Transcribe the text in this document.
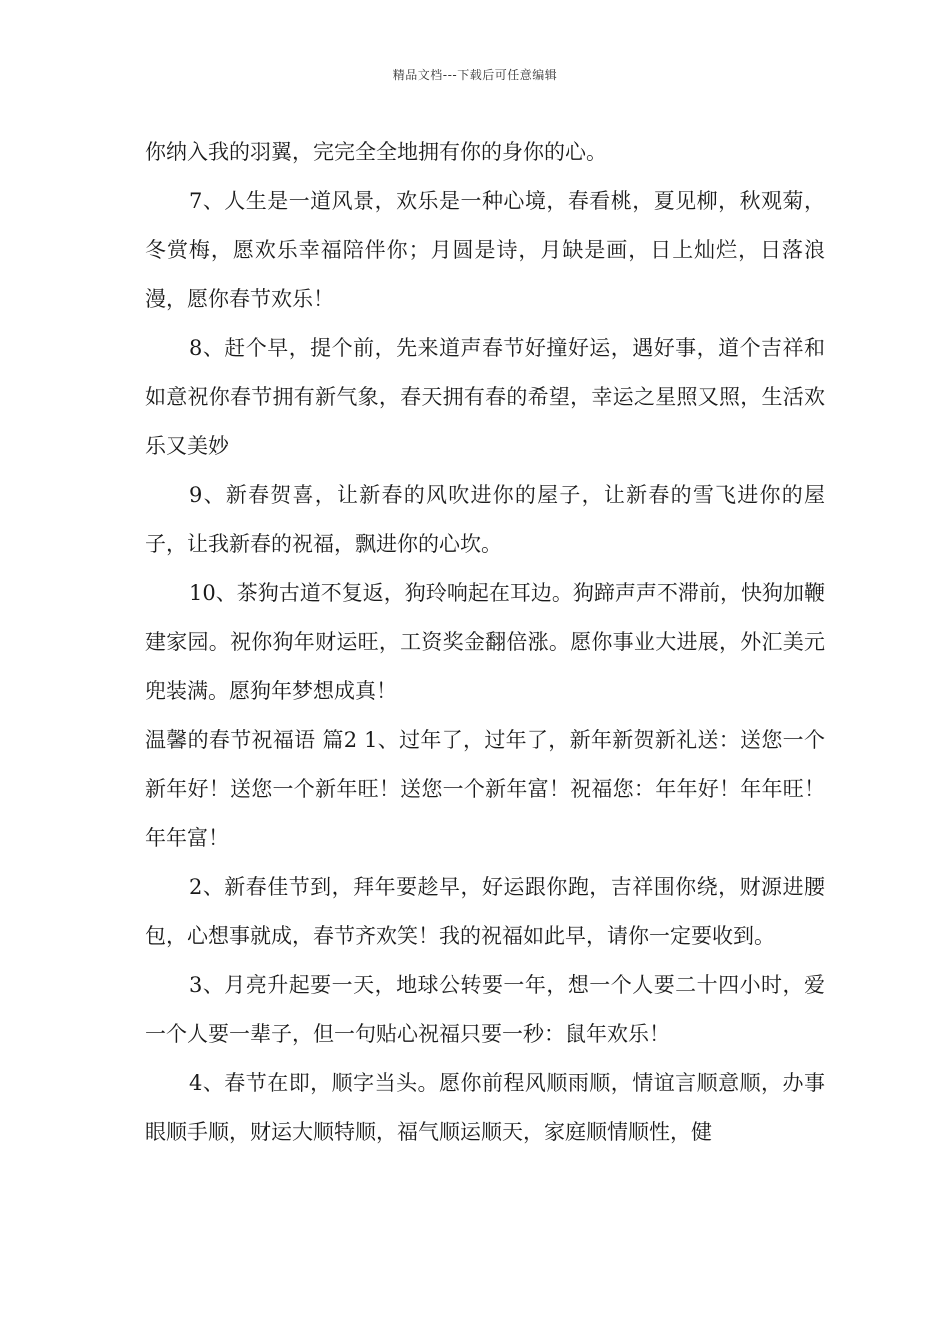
精品文档---下载后可任意编辑

你纳入我的羽翼，完完全全地拥有你的身你的心。

7、人生是一道风景，欢乐是一种心境，春看桃，夏见柳，秋观菊，冬赏梅，愿欢乐幸福陪伴你；月圆是诗，月缺是画，日上灿烂，日落浪漫，愿你春节欢乐！

8、赶个早，提个前，先来道声春节好撞好运，遇好事，道个吉祥和如意祝你春节拥有新气象，春天拥有春的希望，幸运之星照又照，生活欢乐又美妙

9、新春贺喜，让新春的风吹进你的屋子，让新春的雪飞进你的屋子，让我新春的祝福，飘进你的心坎。

10、茶狗古道不复返，狗玲响起在耳边。狗蹄声声不滞前，快狗加鞭建家园。祝你狗年财运旺，工资奖金翻倍涨。愿你事业大进展，外汇美元兜装满。愿狗年梦想成真！

温馨的春节祝福语 篇2 1、过年了，过年了，新年新贺新礼送：送您一个新年好！送您一个新年旺！送您一个新年富！祝福您：年年好！年年旺！年年富！

2、新春佳节到，拜年要趁早，好运跟你跑，吉祥围你绕，财源进腰包，心想事就成，春节齐欢笑！我的祝福如此早，请你一定要收到。

3、月亮升起要一天，地球公转要一年，想一个人要二十四小时，爱一个人要一辈子，但一句贴心祝福只要一秒：鼠年欢乐！

4、春节在即，顺字当头。愿你前程风顺雨顺，情谊言顺意顺，办事眼顺手顺，财运大顺特顺，福气顺运顺天，家庭顺情顺性，健
